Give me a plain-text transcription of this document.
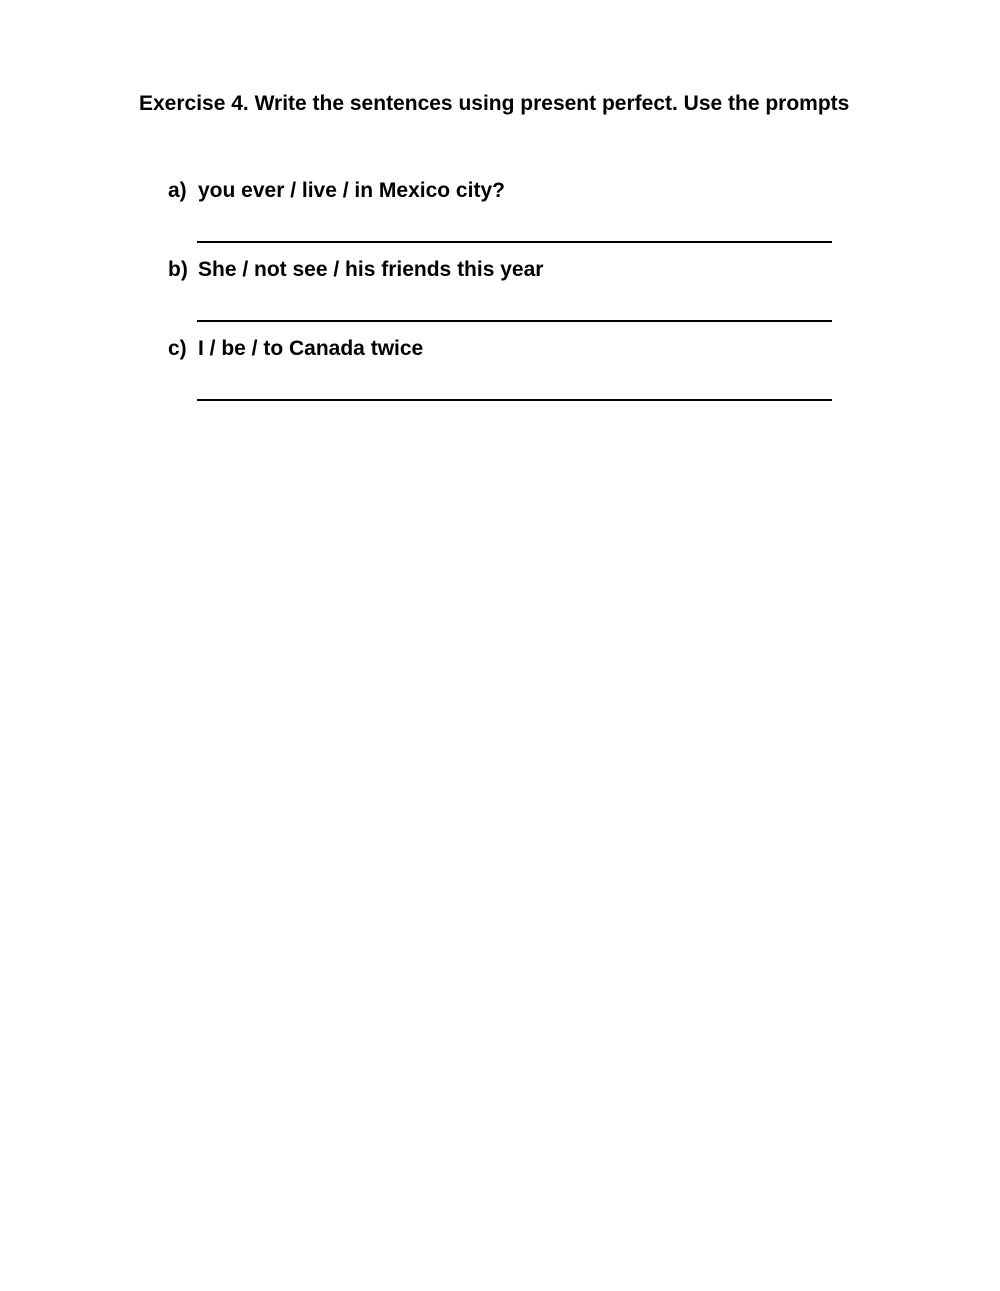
Exercise 4. Write the sentences using present perfect. Use the prompts

a) you ever / live / in Mexico city?
b) She / not see / his friends this year
c) I / be / to Canada twice
